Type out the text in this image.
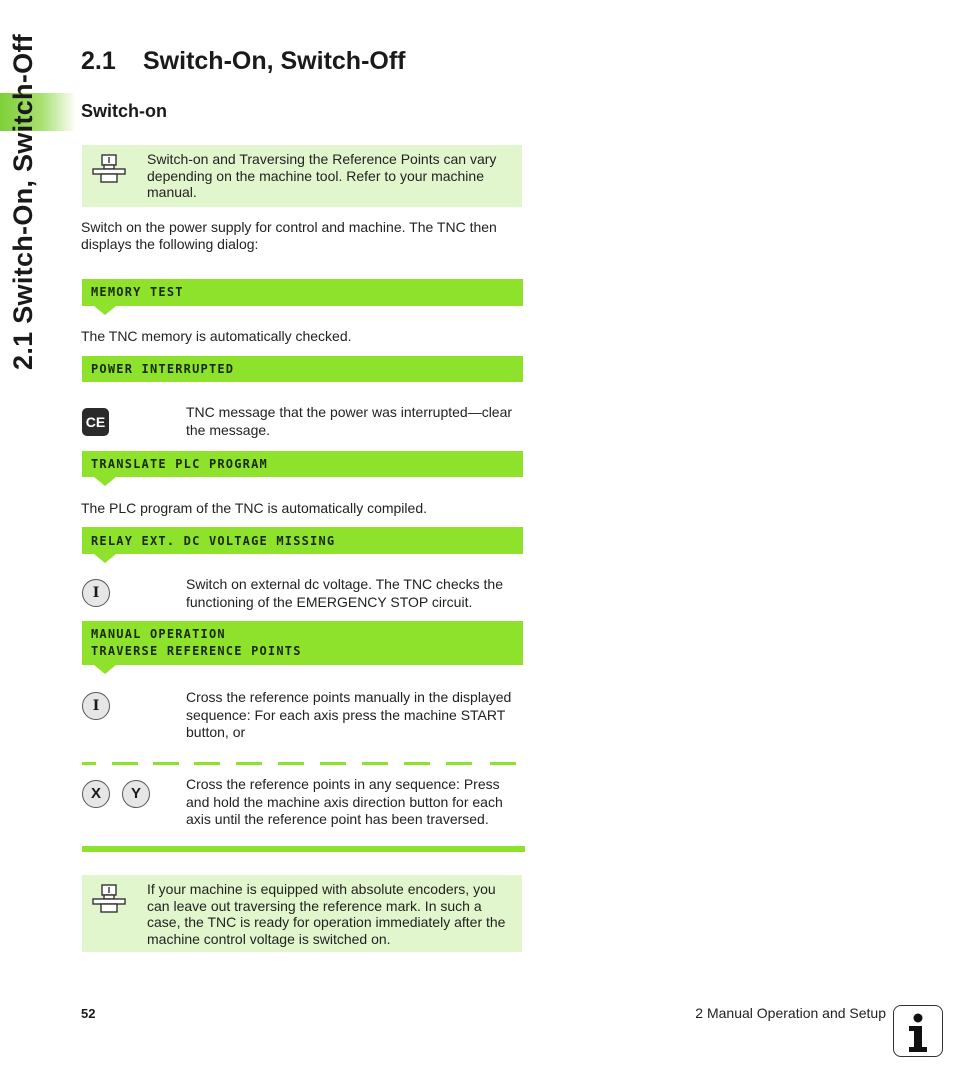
2.1 Switch-On, Switch-Off 2.1 Switch-On, Switch-Off
Switch-on
Switch-on and Traversing the Reference Points can vary depending on the machine tool. Refer to your machine manual.
Switch on the power supply for control and machine. The TNC then displays the following dialog:
MEMORY TEST
The TNC memory is automatically checked.
POWER INTERRUPTED
CE
TNC message that the power was interrupted—clear the message.
TRANSLATE PLC PROGRAM
The PLC program of the TNC is automatically compiled.
RELAY EXT. DC VOLTAGE MISSING
I
Switch on external dc voltage. The TNC checks the functioning of the EMERGENCY STOP circuit.
MANUAL OPERATION
TRAVERSE REFERENCE POINTS
I
Cross the reference points manually in the displayed sequence: For each axis press the machine START button, or
X	Y
Cross the reference points in any sequence: Press and hold the machine axis direction button for each axis until the reference point has been traversed.
If your machine is equipped with absolute encoders, you can leave out traversing the reference mark. In such a case, the TNC is ready for operation immediately after the machine control voltage is switched on.
52	2 Manual Operation and Setup
